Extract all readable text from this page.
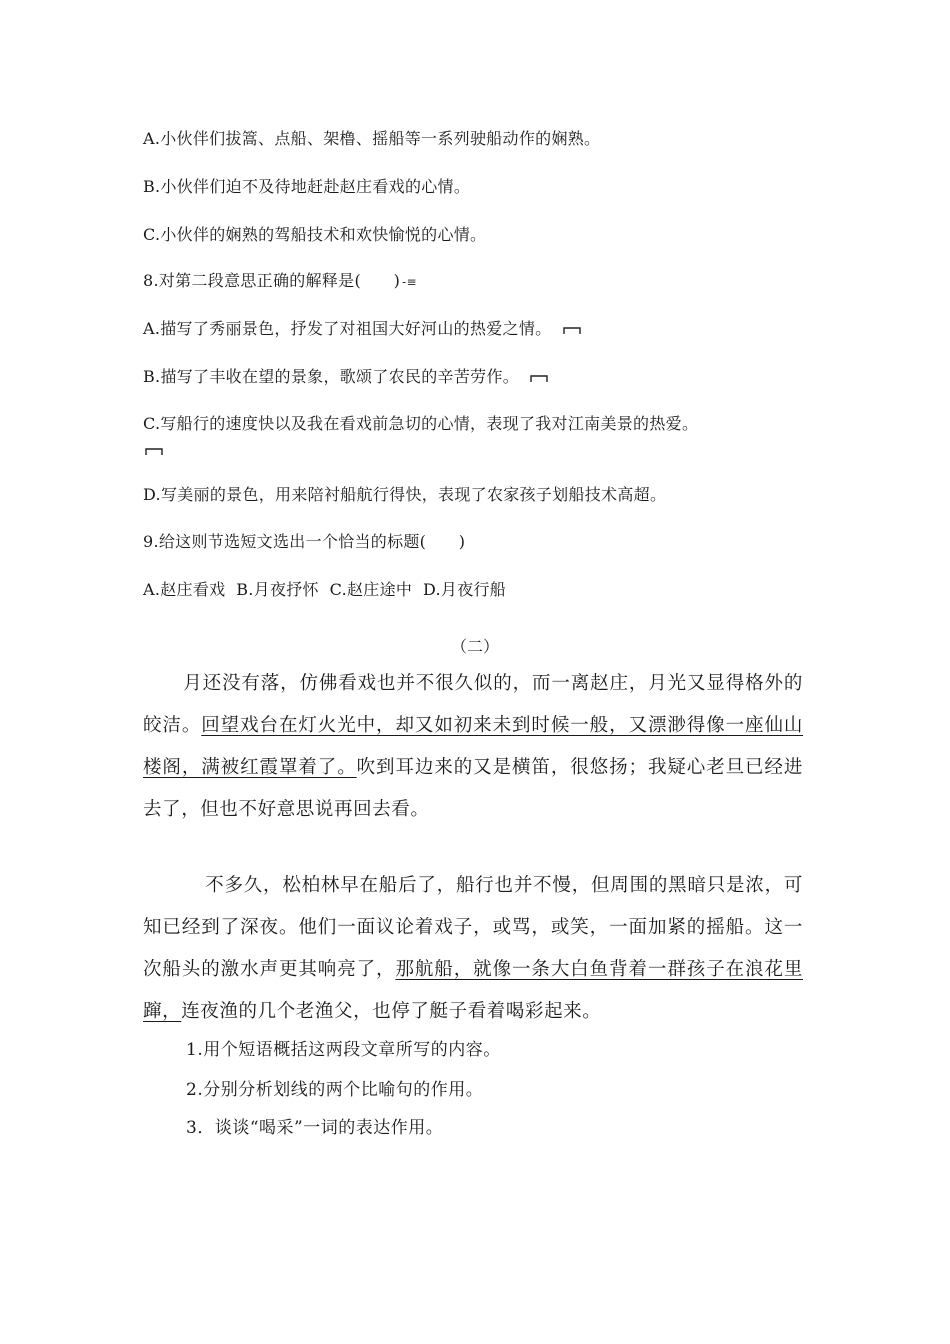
A.小伙伴们拔篙、点船、架橹、摇船等一系列驶船动作的娴熟。
B.小伙伴们迫不及待地赶赴赵庄看戏的心情。
C.小伙伴的娴熟的驾船技术和欢快愉悦的心情。
8.对第二段意思正确的解释是(　　) -≡
A.描写了秀丽景色，抒发了对祖国大好河山的热爱之情。
B.描写了丰收在望的景象，歌颂了农民的辛苦劳作。
C.写船行的速度快以及我在看戏前急切的心情，表现了我对江南美景的热爱。
D.写美丽的景色，用来陪衬船航行得快，表现了农家孩子划船技术高超。
9.给这则节选短文选出一个恰当的标题(　　)
A.赵庄看戏  B.月夜抒怀  C.赵庄途中  D.月夜行船
（二）
月还没有落，仿佛看戏也并不很久似的，而一离赵庄，月光又显得格外的皎洁。回望戏台在灯火光中，却又如初来未到时候一般，又漂渺得像一座仙山楼阁，满被红霞罩着了。吹到耳边来的又是横笛，很悠扬；我疑心老旦已经进去了，但也不好意思说再回去看。
不多久，松柏林早在船后了，船行也并不慢，但周围的黑暗只是浓，可知已经到了深夜。他们一面议论着戏子，或骂，或笑，一面加紧的摇船。这一次船头的激水声更其响亮了，那航船，就像一条大白鱼背着一群孩子在浪花里蹿，连夜渔的几个老渔父，也停了艇子看着喝彩起来。
1.用个短语概括这两段文章所写的内容。
2.分别分析划线的两个比喻句的作用。
3．谈谈“喝采”一词的表达作用。
